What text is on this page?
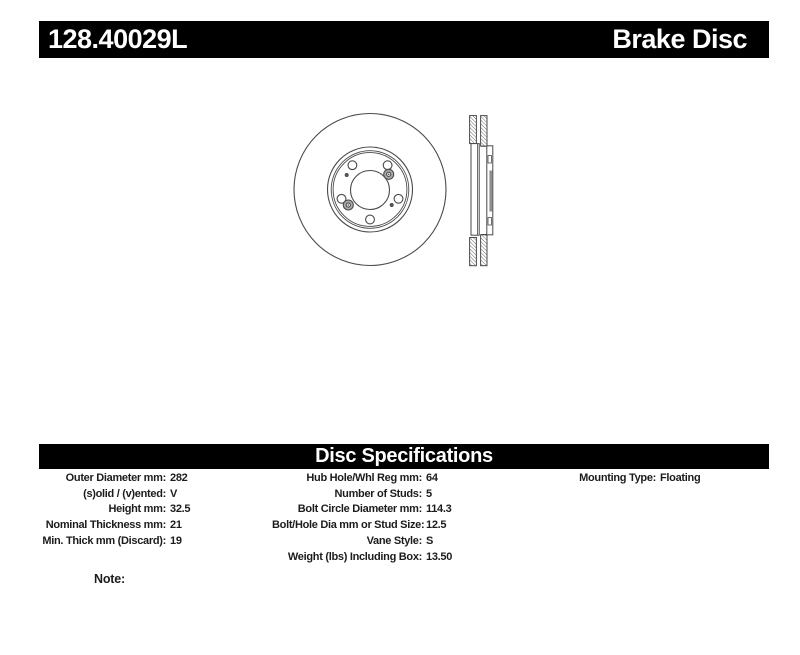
128.40029L	Brake Disc
Disc Specifications
Outer Diameter mm: 282
(s)olid / (v)ented: V
Height mm: 32.5
Nominal Thickness mm: 21
Min. Thick mm (Discard): 19
Hub Hole/Whl Reg mm: 64
Number of Studs: 5
Bolt Circle Diameter mm: 114.3
Bolt/Hole Dia mm or Stud Size: 12.5
Vane Style: S
Weight (lbs) Including Box: 13.50
Mounting Type: Floating
Note:
